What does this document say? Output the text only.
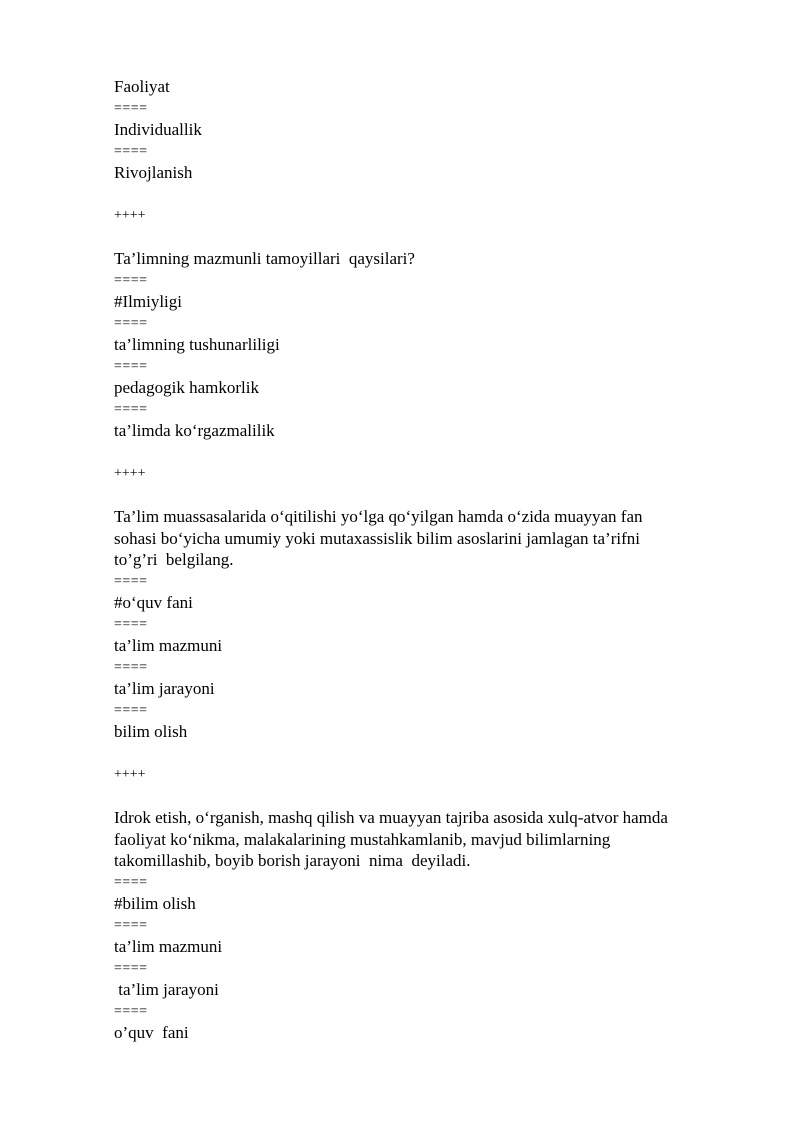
Faoliyat
====
Individuallik
====
Rivojlanish
++++
Ta’limning mazmunli tamoyillari  qaysilari?
====
#Ilmiyligi
====
ta’limning tushunarliligi
====
pedagogik hamkorlik
====
ta’limda ko‘rgazmalilik
++++
Ta’lim muassasalarida o‘qitilishi yo‘lga qo‘yilgan hamda o‘zida muayyan fan
sohasi bo‘yicha umumiy yoki mutaxassislik bilim asoslarini jamlagan ta’rifni
to’g’ri  belgilang.
====
#o‘quv fani
====
ta’lim mazmuni
====
ta’lim jarayoni
====
bilim olish
++++
Idrok etish, o‘rganish, mashq qilish va muayyan tajriba asosida xulq-atvor hamda
faoliyat ko‘nikma, malakalarining mustahkamlanib, mavjud bilimlarning
takomillashib, boyib borish jarayoni  nima  deyiladi.
====
#bilim olish
====
ta’lim mazmuni
====
ta’lim jarayoni
====
o’quv  fani
